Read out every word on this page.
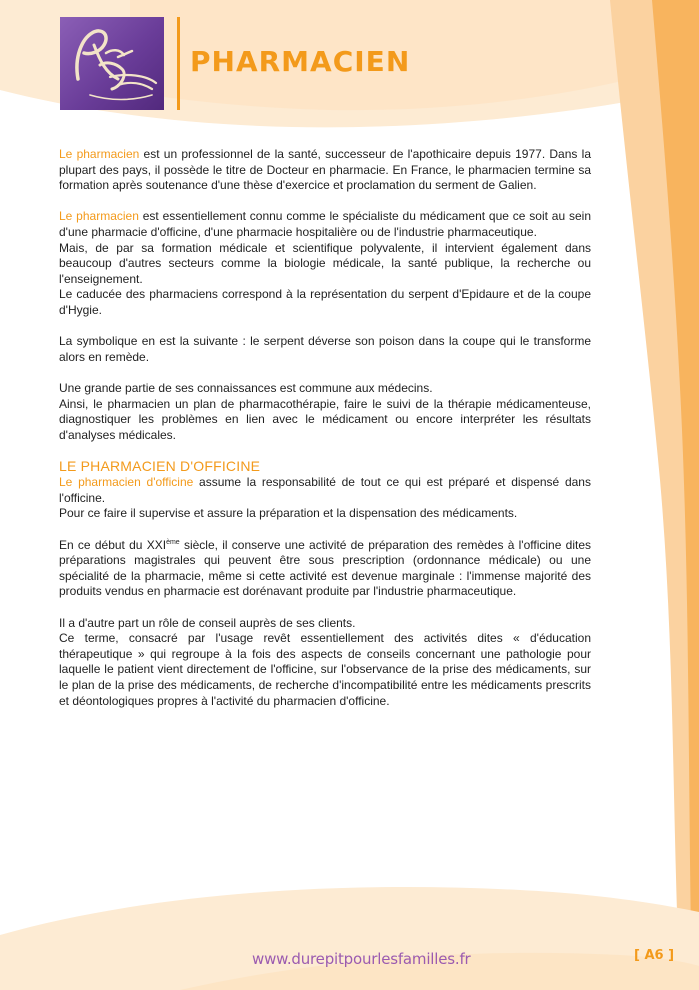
PHARMACIEN

Le pharmacien est un professionnel de la santé, successeur de l'apothicaire depuis 1977. Dans la plupart des pays, il possède le titre de Docteur en pharmacie. En France, le pharmacien termine sa formation après soutenance d'une thèse d'exercice et proclamation du serment de Galien.

Le pharmacien est essentiellement connu comme le spécialiste du médicament que ce soit au sein d'une pharmacie d'officine, d'une pharmacie hospitalière ou de l'industrie pharmaceutique.

Mais, de par sa formation médicale et scientifique polyvalente, il intervient également dans beaucoup d'autres secteurs comme la biologie médicale, la santé publique, la recherche ou l'enseignement.

Le caducée des pharmaciens correspond à la représentation du serpent d'Epidaure et de la coupe d'Hygie.

La symbolique en est la suivante : le serpent déverse son poison dans la coupe qui le transforme alors en remède.

Une grande partie de ses connaissances est commune aux médecins.

Ainsi, le pharmacien un plan de pharmacothérapie, faire le suivi de la thérapie médicamenteuse, diagnostiquer les problèmes en lien avec le médicament ou encore interpréter les résultats d'analyses médicales.

LE PHARMACIEN D'OFFICINE

Le pharmacien d'officine assume la responsabilité de tout ce qui est préparé et dispensé dans l'officine.

Pour ce faire il supervise et assure la préparation et la dispensation des médicaments.

En ce début du XXIème siècle, il conserve une activité de préparation des remèdes à l'officine dites préparations magistrales qui peuvent être sous prescription (ordonnance médicale) ou une spécialité de la pharmacie, même si cette activité est devenue marginale : l'immense majorité des produits vendus en pharmacie est dorénavant produite par l'industrie pharmaceutique.

Il a d'autre part un rôle de conseil auprès de ses clients.

Ce terme, consacré par l'usage revêt essentiellement des activités dites « d'éducation thérapeutique » qui regroupe à la fois des aspects de conseils concernant une pathologie pour laquelle le patient vient directement de l'officine, sur l'observance de la prise des médicaments, sur le plan de la prise des médicaments, de recherche d'incompatibilité entre les médicaments prescrits et déontologiques propres à l'activité du pharmacien d'officine.

www.durepitpourlesfamilles.fr	[ A6 ]
